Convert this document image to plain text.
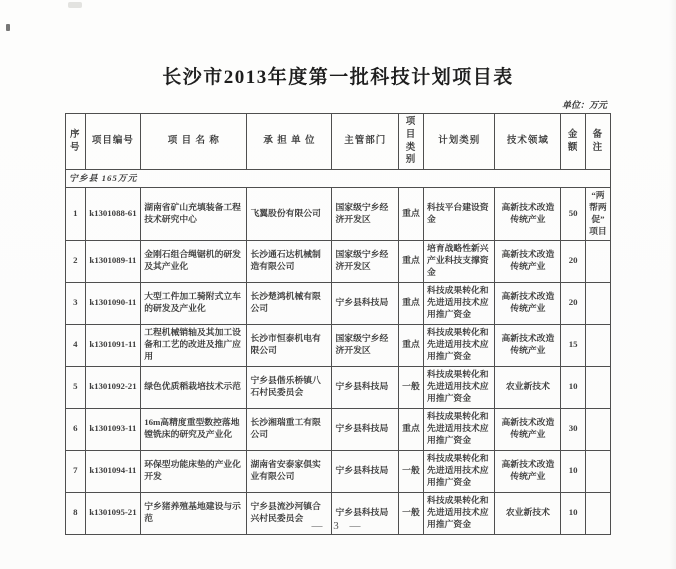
长沙市2013年度第一批科技计划项目表
单位：万元
序号	项目编号	项 目 名 称	承 担 单 位	主管部门	项目类别	计划类别	技术领域	金额	备 注
宁乡县 165万元									
1	k1301088-61	湖南省矿山充填装备工程技术研究中心	飞翼股份有限公司	国家级宁乡经济开发区	重点	科技平台建设资金	高新技术改造传统产业	50	“两帮两促”项目
2	k1301089-11	金刚石组合绳锯机的研发及其产业化	长沙通石达机械制造有限公司	国家级宁乡经济开发区	重点	培育战略性新兴产业科技支撑资金	高新技术改造传统产业	20	
3	k1301090-11	大型工件加工骑附式立车的研发及产业化	长沙楚鸿机械有限公司	宁乡县科技局	重点	科技成果转化和先进适用技术应用推广资金	高新技术改造传统产业	20	
4	k1301091-11	工程机械销轴及其加工设备和工艺的改进及推广应用	长沙市恒泰机电有限公司	国家级宁乡经济开发区	重点	科技成果转化和先进适用技术应用推广资金	高新技术改造传统产业	15	
5	k1301092-21	绿色优质稻栽培技术示范	宁乡县偕乐桥镇八石村民委员会	宁乡县科技局	一般	科技成果转化和先进适用技术应用推广资金	农业新技术	10	
6	k1301093-11	16m高精度重型数控落地镗铣床的研究及产业化	长沙湘瑞重工有限公司	宁乡县科技局	重点	科技成果转化和先进适用技术应用推广资金	高新技术改造传统产业	30	
7	k1301094-11	环保型功能床垫的产业化开发	湖南省安泰家俱实业有限公司	宁乡县科技局	一般	科技成果转化和先进适用技术应用推广资金	高新技术改造传统产业	10	
8	k1301095-21	宁乡猪养殖基地建设与示范	宁乡县流沙河镇合兴村民委员会	宁乡县科技局	一般	科技成果转化和先进适用技术应用推广资金	农业新技术	10	
— 3 —
